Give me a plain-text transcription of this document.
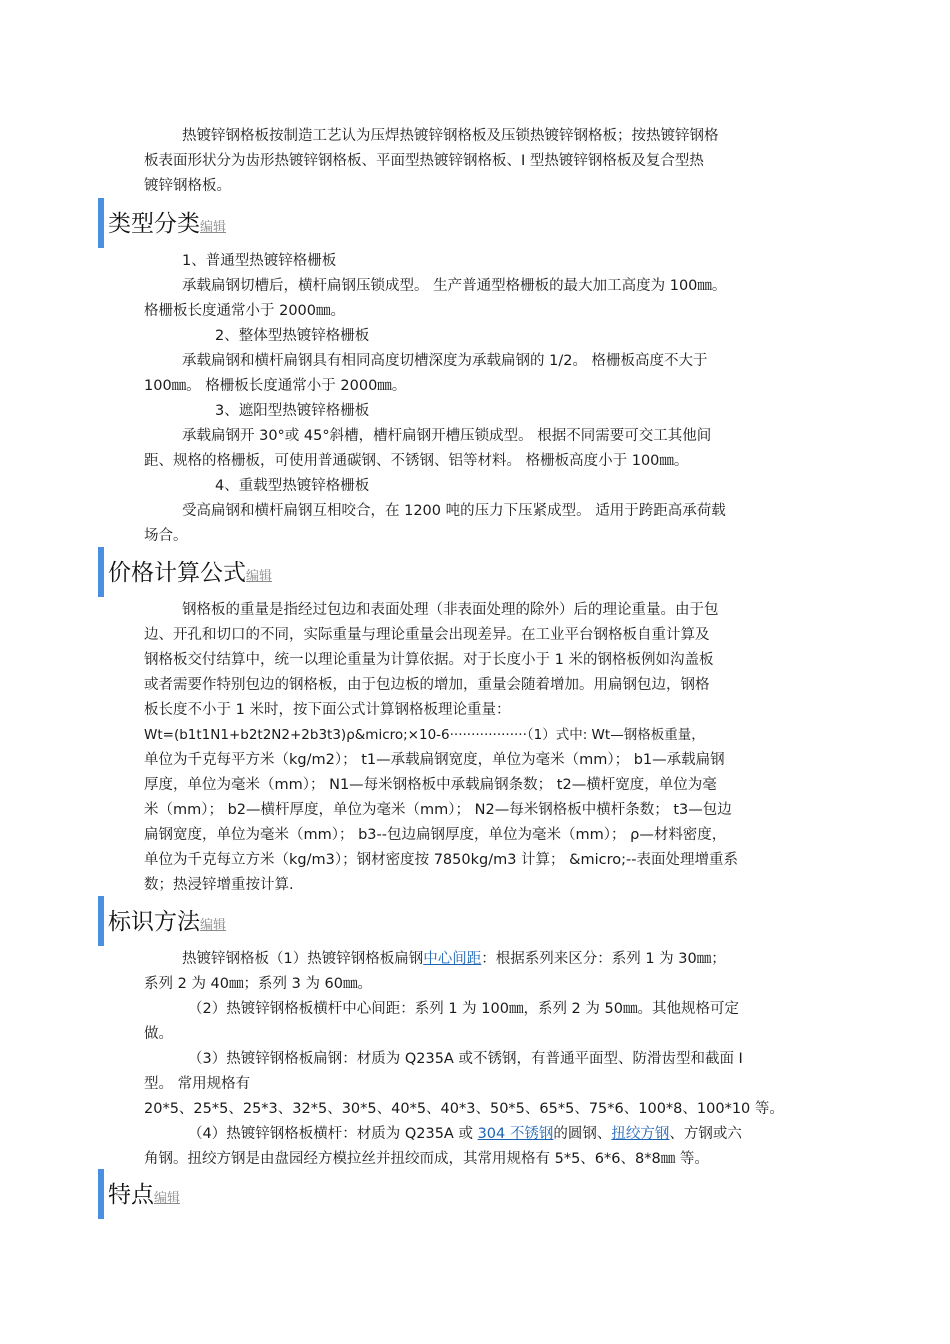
热镀锌钢格板按制造工艺认为压焊热镀锌钢格板及压锁热镀锌钢格板；按热镀锌钢格
板表面形状分为齿形热镀锌钢格板、平面型热镀锌钢格板、I 型热镀锌钢格板及复合型热
镀锌钢格板。
类型分类编辑
1、普通型热镀锌格栅板
承载扁钢切槽后，横杆扁钢压锁成型。 生产普通型格栅板的最大加工高度为 100㎜。
格栅板长度通常小于 2000㎜。
2、整体型热镀锌格栅板
承载扁钢和横杆扁钢具有相同高度切槽深度为承载扁钢的 1/2。 格栅板高度不大于
100㎜。 格栅板长度通常小于 2000㎜。
3、遮阳型热镀锌格栅板
承载扁钢开 30°或 45°斜槽，槽杆扁钢开槽压锁成型。 根据不同需要可交工其他间
距、规格的格栅板，可使用普通碳钢、不锈钢、铝等材料。 格栅板高度小于 100㎜。
4、重载型热镀锌格栅板
受高扁钢和横杆扁钢互相咬合，在 1200 吨的压力下压紧成型。 适用于跨距高承荷载
场合。
价格计算公式编辑
钢格板的重量是指经过包边和表面处理（非表面处理的除外）后的理论重量。由于包
边、开孔和切口的不同，实际重量与理论重量会出现差异。在工业平台钢格板自重计算及
钢格板交付结算中，统一以理论重量为计算依据。对于长度小于 1 米的钢格板例如沟盖板
或者需要作特别包边的钢格板，由于包边板的增加，重量会随着增加。用扁钢包边，钢格
板长度不小于 1 米时，按下面公式计算钢格板理论重量：
Wt=(b1t1N1+b2t2N2+2b3t3)ρ&micro;×10-6··················（1）式中: Wt—钢格板重量，
单位为千克每平方米（kg/m2）； t1—承载扁钢宽度，单位为毫米（mm）； b1—承载扁钢
厚度，单位为毫米（mm）； N1—每米钢格板中承载扁钢条数； t2—横杆宽度，单位为毫
米（mm）； b2—横杆厚度，单位为毫米（mm）； N2—每米钢格板中横杆条数； t3—包边
扁钢宽度，单位为毫米（mm）； b3--包边扁钢厚度，单位为毫米（mm）； ρ—材料密度，
单位为千克每立方米（kg/m3）；钢材密度按 7850kg/m3 计算； &micro;--表面处理增重系
数；热浸锌增重按计算.
标识方法编辑
热镀锌钢格板（1）热镀锌钢格板扁钢中心间距：根据系列来区分：系列 1 为 30㎜；
系列 2 为 40㎜；系列 3 为 60㎜。
（2）热镀锌钢格板横杆中心间距：系列 1 为 100㎜，系列 2 为 50㎜。其他规格可定
做。
（3）热镀锌钢格板扁钢：材质为 Q235A 或不锈钢，有普通平面型、防滑齿型和截面 I
型。 常用规格有
20*5、25*5、25*3、32*5、30*5、40*5、40*3、50*5、65*5、75*6、100*8、100*10 等。
（4）热镀锌钢格板横杆：材质为 Q235A 或 304 不锈钢的圆钢、扭绞方钢、方钢或六
角钢。扭绞方钢是由盘园经方模拉丝并扭绞而成，其常用规格有 5*5、6*6、8*8㎜ 等。
特点编辑
